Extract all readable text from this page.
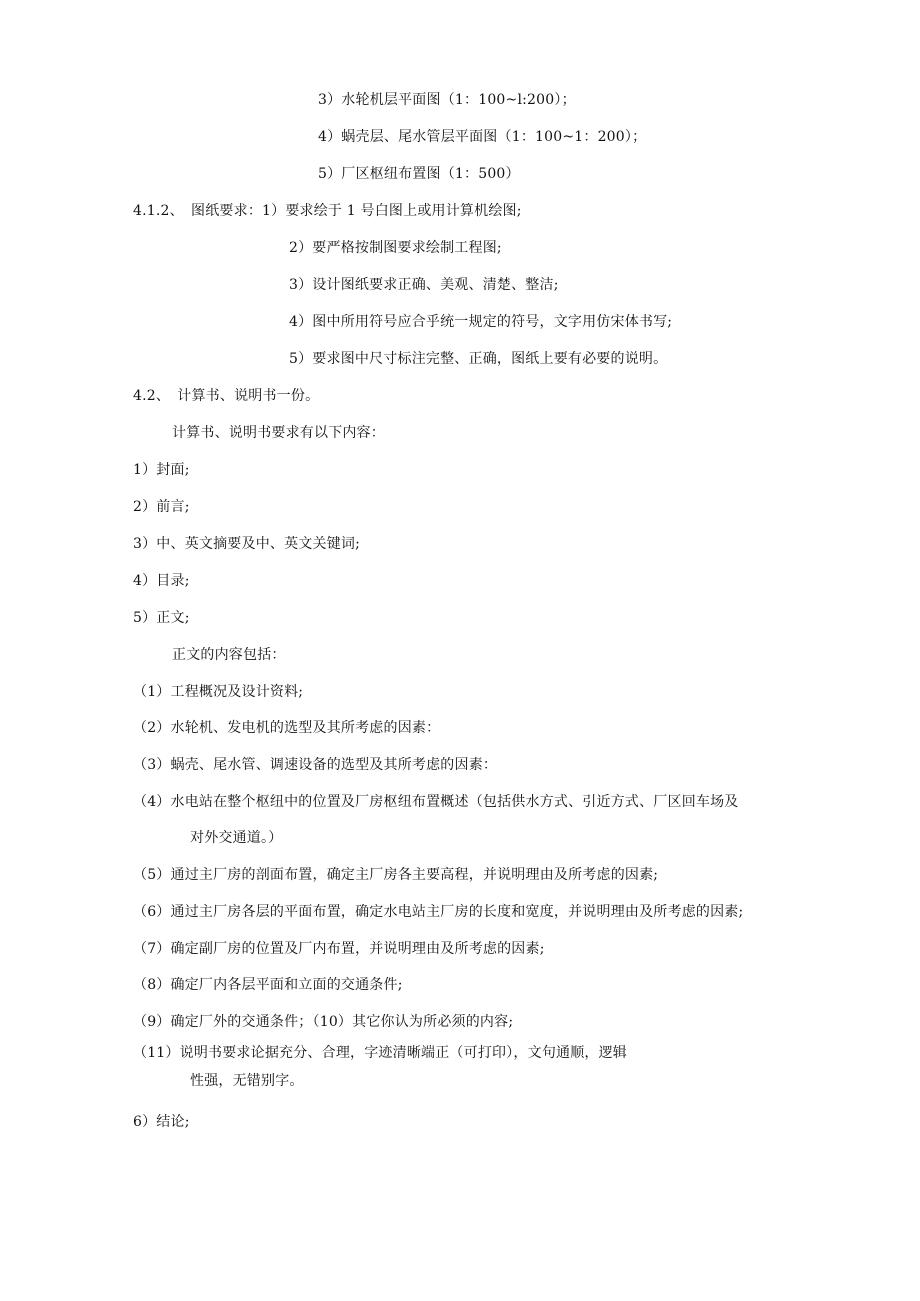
3）水轮机层平面图（1：100~l:200）；
4）蜗壳层、尾水管层平面图（1：100~1：200）；
5）厂区枢纽布置图（1：500）
4.1.2、　图纸要求：1）要求绘于 1 号白图上或用计算机绘图;
2）要严格按制图要求绘制工程图;
3）设计图纸要求正确、美观、清楚、整洁;
4）图中所用符号应合乎统一规定的符号，文字用仿宋体书写;
5）要求图中尺寸标注完整、正确，图纸上要有必要的说明。
4.2、　计算书、说明书一份。
计算书、说明书要求有以下内容：
1）封面;
2）前言;
3）中、英文摘要及中、英文关键词;
4）目录;
5）正文;
正文的内容包括：
（1）工程概况及设计资料;
（2）水轮机、发电机的选型及其所考虑的因素：
（3）蜗壳、尾水管、调速设备的选型及其所考虑的因素：
（4）水电站在整个枢纽中的位置及厂房枢纽布置概述（包括供水方式、引近方式、厂区回车场及
对外交通道。）
（5）通过主厂房的剖面布置，确定主厂房各主要高程，并说明理由及所考虑的因素;
（6）通过主厂房各层的平面布置，确定水电站主厂房的长度和宽度，并说明理由及所考虑的因素;
（7）确定副厂房的位置及厂内布置，并说明理由及所考虑的因素;
（8）确定厂内各层平面和立面的交通条件;
（9）确定厂外的交通条件；（10）其它你认为所必须的内容;
（11）说明书要求论据充分、合理，字迹清晰端正（可打印），文句通顺，逻辑
性强，无错别字。
6）结论;
